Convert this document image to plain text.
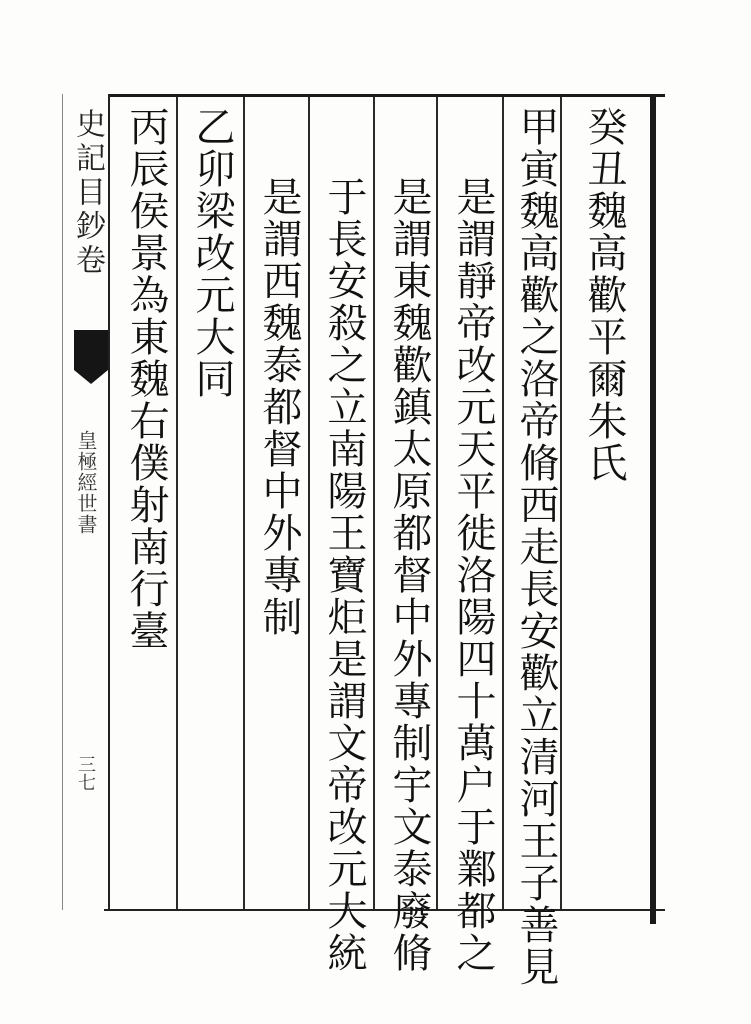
癸丑魏高歡平爾朱氏
甲寅魏高歡之洛帝脩西走長安歡立清河王子善見
是謂靜帝改元天平徙洛陽四十萬户于鄴都之
是謂東魏歡鎮太原都督中外專制宇文泰廢脩
于長安殺之立南陽王寶炬是謂文帝改元大統
是謂西魏泰都督中外專制
乙卯梁改元大同
丙辰侯景為東魏右僕射南行臺
史記目鈔卷
皇極經世書
三七
